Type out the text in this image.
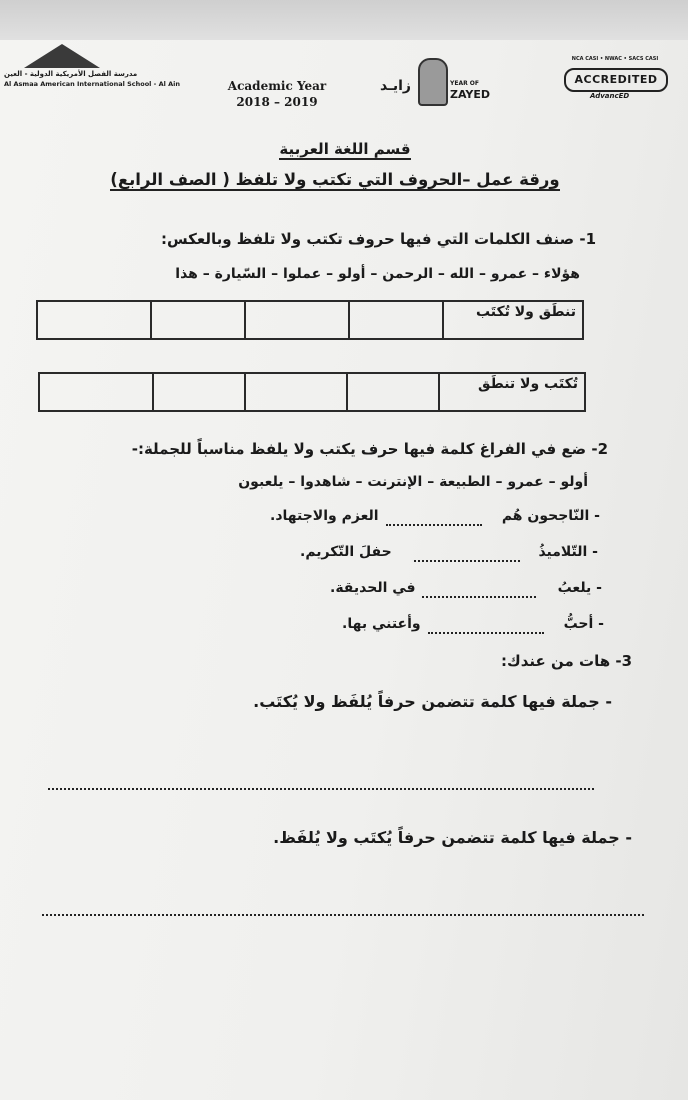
مدرسة الفصل الأمريكية الدولية - العين
Al Asmaa American International School - Al Ain	Academic Year
2018 – 2019
زايـد	YEAR OF
ZAYED
NCA CASI • NWAC • SACS CASI
ACCREDITED
AdvancED
قسم اللغة العربية
ورقة عمل –الحروف التي تكتب ولا تلفظ ( الصف الرابع)
1- صنف الكلمات التي فيها حروف تكتب ولا تلفظ وبالعكس:
هؤلاء – عمرو – الله – الرحمن – أولو – عملوا – السّيارة – هذا
				تنطَق ولا تُكتَب
				تُكتَب ولا تنطَق
2- ضع في الفراغ كلمة فيها حرف يكتب ولا يلفظ مناسباً للجملة:-
أولو – عمرو – الطبيعة – الإنترنت – شاهدوا – يلعبون
- النّاجحون هُم
العزم والاجتهاد.
- التّلاميذُ
حفلَ التّكريم.
- يلعبُ
في الحديقة.
- أحبُّ
وأعتني بها.
3- هات من عندك:
- جملة فيها كلمة تتضمن حرفاً يُلفَظ ولا يُكتَب.
- جملة فيها كلمة تتضمن حرفاً يُكتَب ولا يُلفَظ.
